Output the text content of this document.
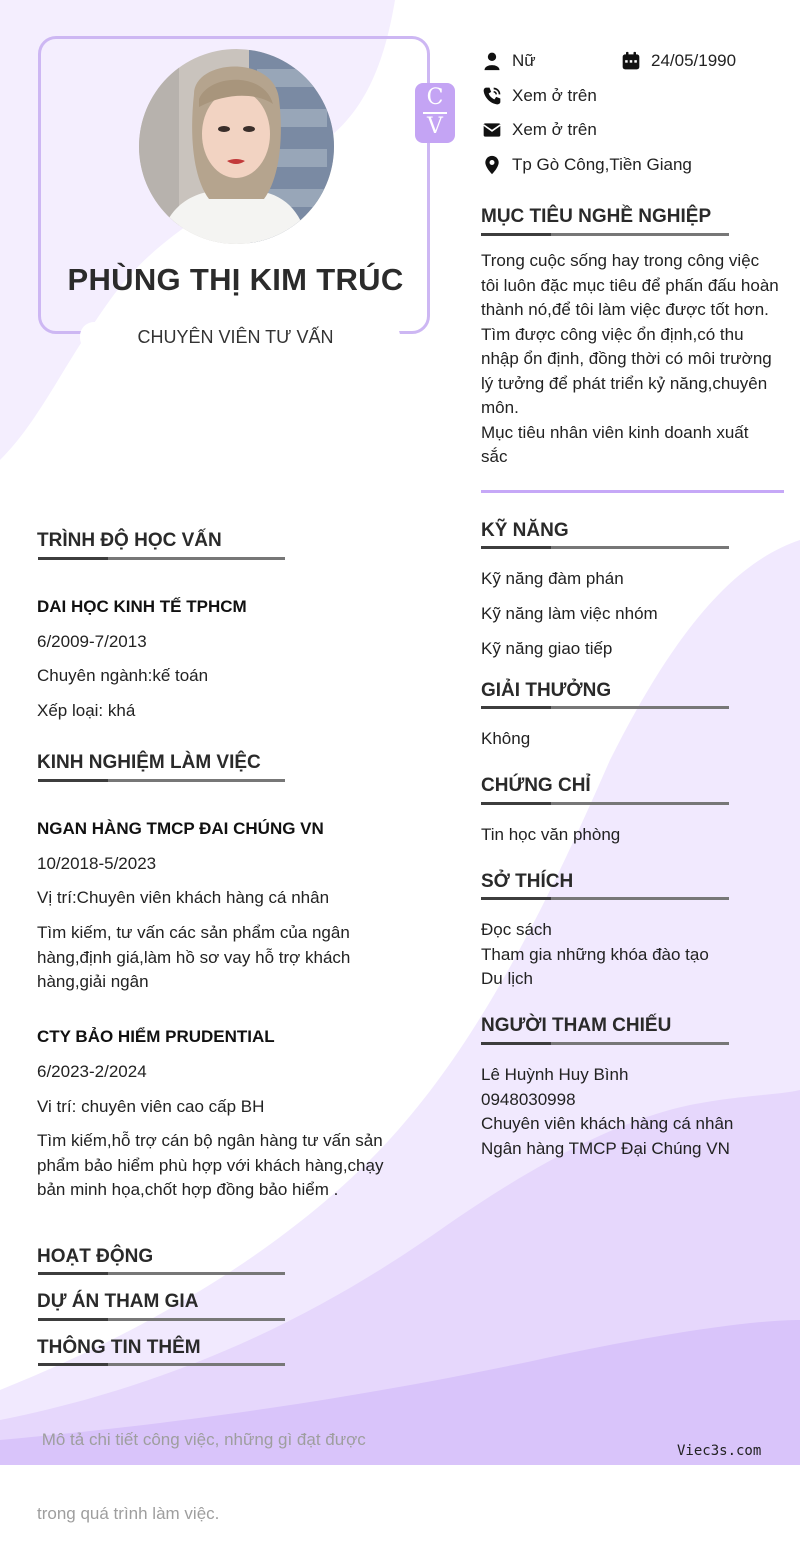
PHÙNG THỊ KIM TRÚC
CHUYÊN VIÊN TƯ VẤN
C
V
Nữ	24/05/1990
Xem ở trên
Xem ở trên
Tp Gò Công,Tiền Giang
MỤC TIÊU NGHỀ NGHIỆP
Trong cuộc sống hay trong công việc
tôi luôn đặc mục tiêu để phấn đấu hoàn
thành nó,để tôi làm việc được tốt hơn.
Tìm được công việc ổn định,có thu
nhập ổn định, đồng thời có môi trường
lý tưởng để phát triển kỷ năng,chuyên
môn.
Mục tiêu nhân viên kinh doanh xuất
sắc
TRÌNH ĐỘ HỌC VẤN
DAI HỌC KINH TẾ TPHCM
6/2009-7/2013
Chuyên ngành:kế toán
Xếp loại: khá
KINH NGHIỆM LÀM VIỆC
NGAN HÀNG TMCP ĐAI CHÚNG VN
10/2018-5/2023
Vị trí:Chuyên viên khách hàng cá nhân
Tìm kiếm, tư vấn các sản phẩm của ngân
hàng,định giá,làm hồ sơ vay hỗ trợ khách
hàng,giải ngân
CTY BẢO HIỂM PRUDENTIAL
6/2023-2/2024
Vi trí: chuyên viên cao cấp BH
Tìm kiếm,hỗ trợ cán bộ ngân hàng tư vấn sản
phẩm bảo hiểm phù hợp với khách hàng,chạy
bản minh họa,chốt hợp đồng bảo hiểm .
HOẠT ĐỘNG
DỰ ÁN THAM GIA
THÔNG TIN THÊM

Mô tả chi tiết công việc, những gì đạt được

trong quá trình làm việc.

KỸ NĂNG
Kỹ năng đàm phán
Kỹ năng làm việc nhóm
Kỹ năng giao tiếp
GIẢI THƯỞNG
Không
CHỨNG CHỈ
Tin học văn phòng
SỞ THÍCH
Đọc sách
Tham gia những khóa đào tạo
Du lịch
NGƯỜI THAM CHIẾU
Lê Huỳnh Huy Bình
0948030998
Chuyên viên khách hàng cá nhân
Ngân hàng TMCP Đại Chúng VN
Viec3s.com
